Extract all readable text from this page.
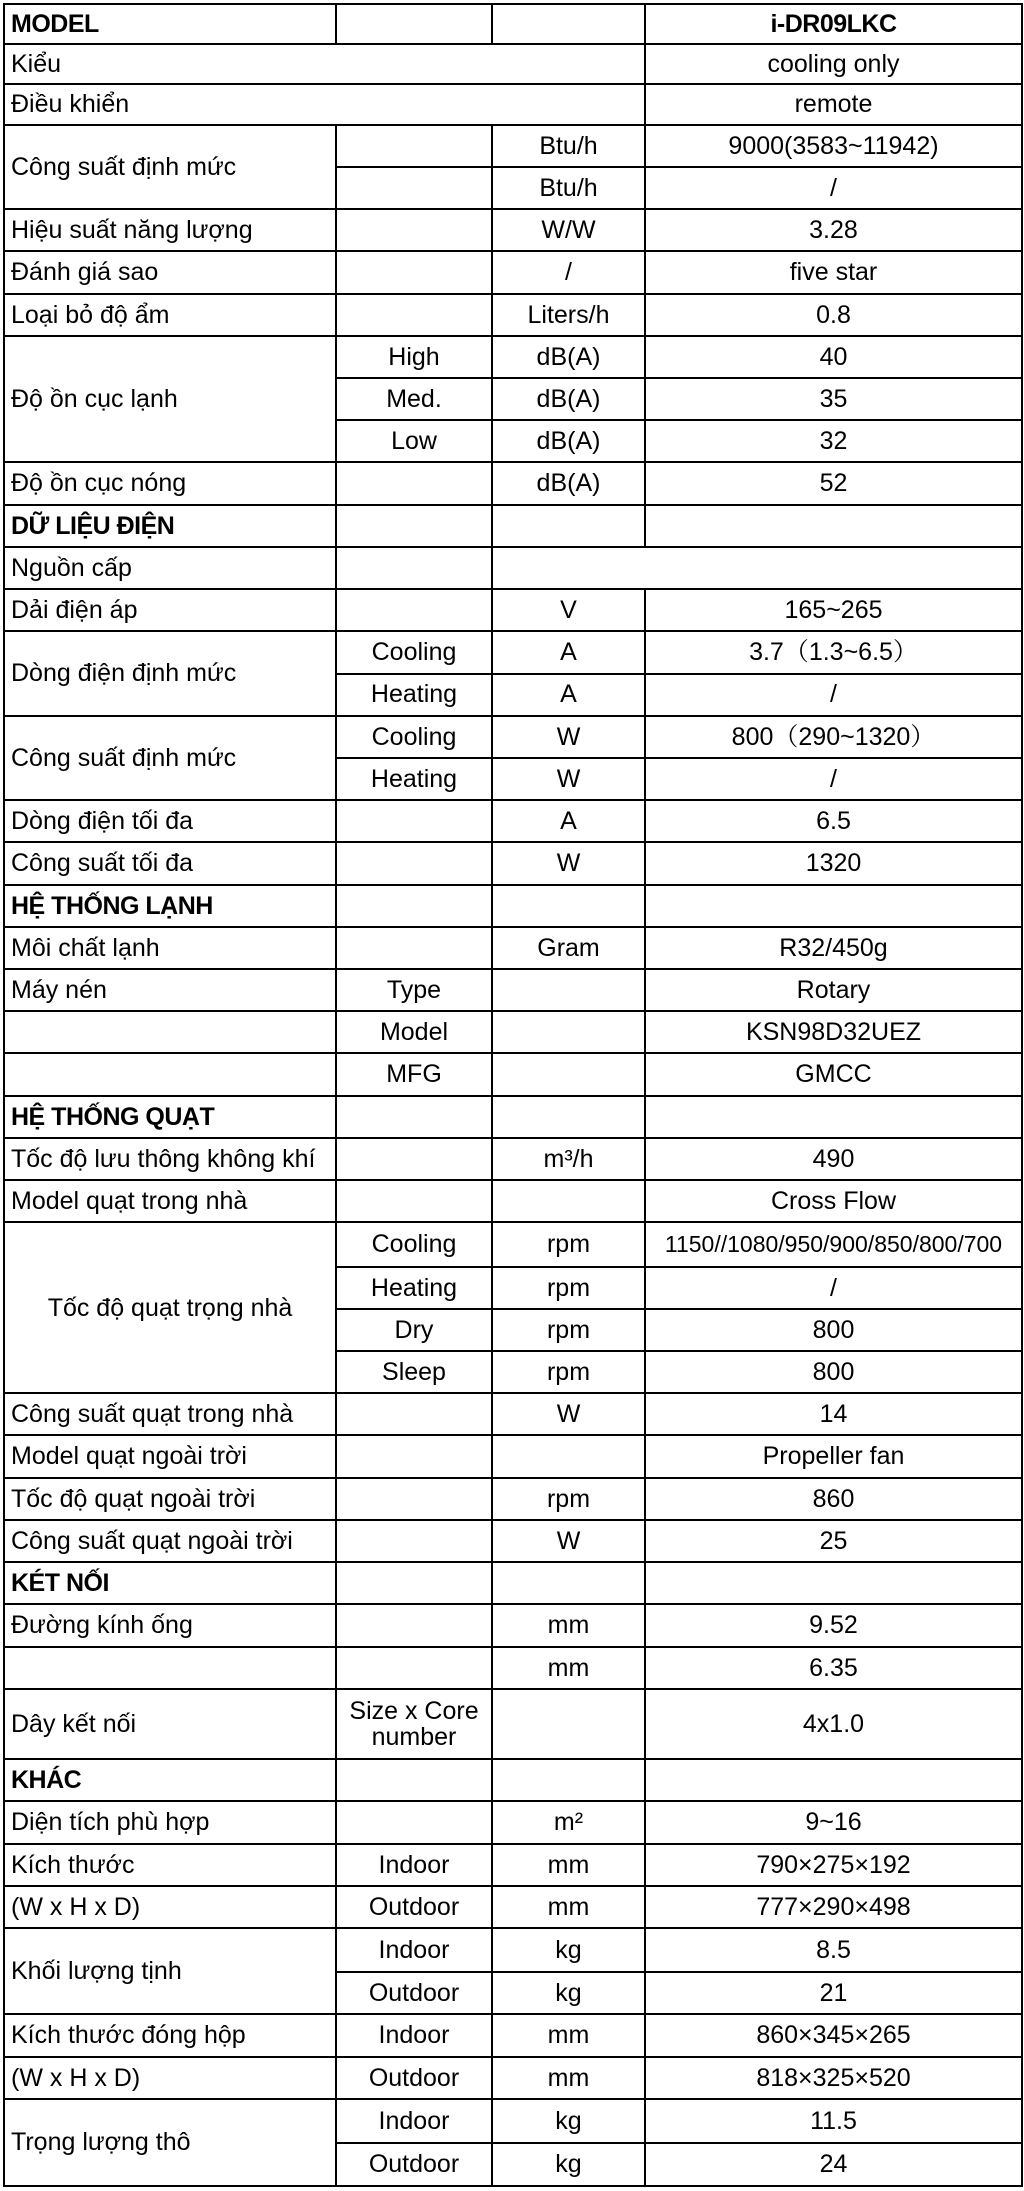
MODEL			i-DR09LKC
Kiểu			cooling only
Điều khiển			remote
Công suất định mức		Btu/h	9000(3583~11942)
		Btu/h	/
Hiệu suất năng lượng		W/W	3.28
Đánh giá sao		/	five star
Loại bỏ độ ẩm		Liters/h	0.8
Độ ồn cục lạnh	High	dB(A)	40
	Med.	dB(A)	35
	Low	dB(A)	32
Độ ồn cục nóng		dB(A)	52
DỮ LIỆU ĐIỆN			
Nguồn cấp			
Dải điện áp		V	165~265
Dòng điện định mức	Cooling	A	3.7（1.3~6.5）
	Heating	A	/
Công suất định mức	Cooling	W	800（290~1320）
	Heating	W	/
Dòng điện tối đa		A	6.5
Công suất tối đa		W	1320
HỆ THỐNG LẠNH			
Môi chất lạnh		Gram	R32/450g
Máy nén	Type		Rotary
	Model		KSN98D32UEZ
	MFG		GMCC
HỆ THỐNG QUẠT			
Tốc độ lưu thông không khí		m³/h	490
Model quạt trong nhà			Cross Flow
Tốc độ quạt trọng nhà	Cooling	rpm	1150//1080/950/900/850/800/700
	Heating	rpm	/
	Dry	rpm	800
	Sleep	rpm	800
Công suất quạt trong nhà		W	14
Model quạt ngoài trời			Propeller fan
Tốc độ quạt ngoài trời		rpm	860
Công suất quạt ngoài trời		W	25
KÉT NỐI			
Đường kính ống		mm	9.52
		mm	6.35
Dây kết nối	Size x Core number		4x1.0
KHÁC			
Diện tích phù hợp		m²	9~16
Kích thước	Indoor	mm	790×275×192
(W x H x D)	Outdoor	mm	777×290×498
Khối lượng tịnh	Indoor	kg	8.5
	Outdoor	kg	21
Kích thước đóng hộp	Indoor	mm	860×345×265
(W x H x D)	Outdoor	mm	818×325×520
Trọng lượng thô	Indoor	kg	11.5
	Outdoor	kg	24
